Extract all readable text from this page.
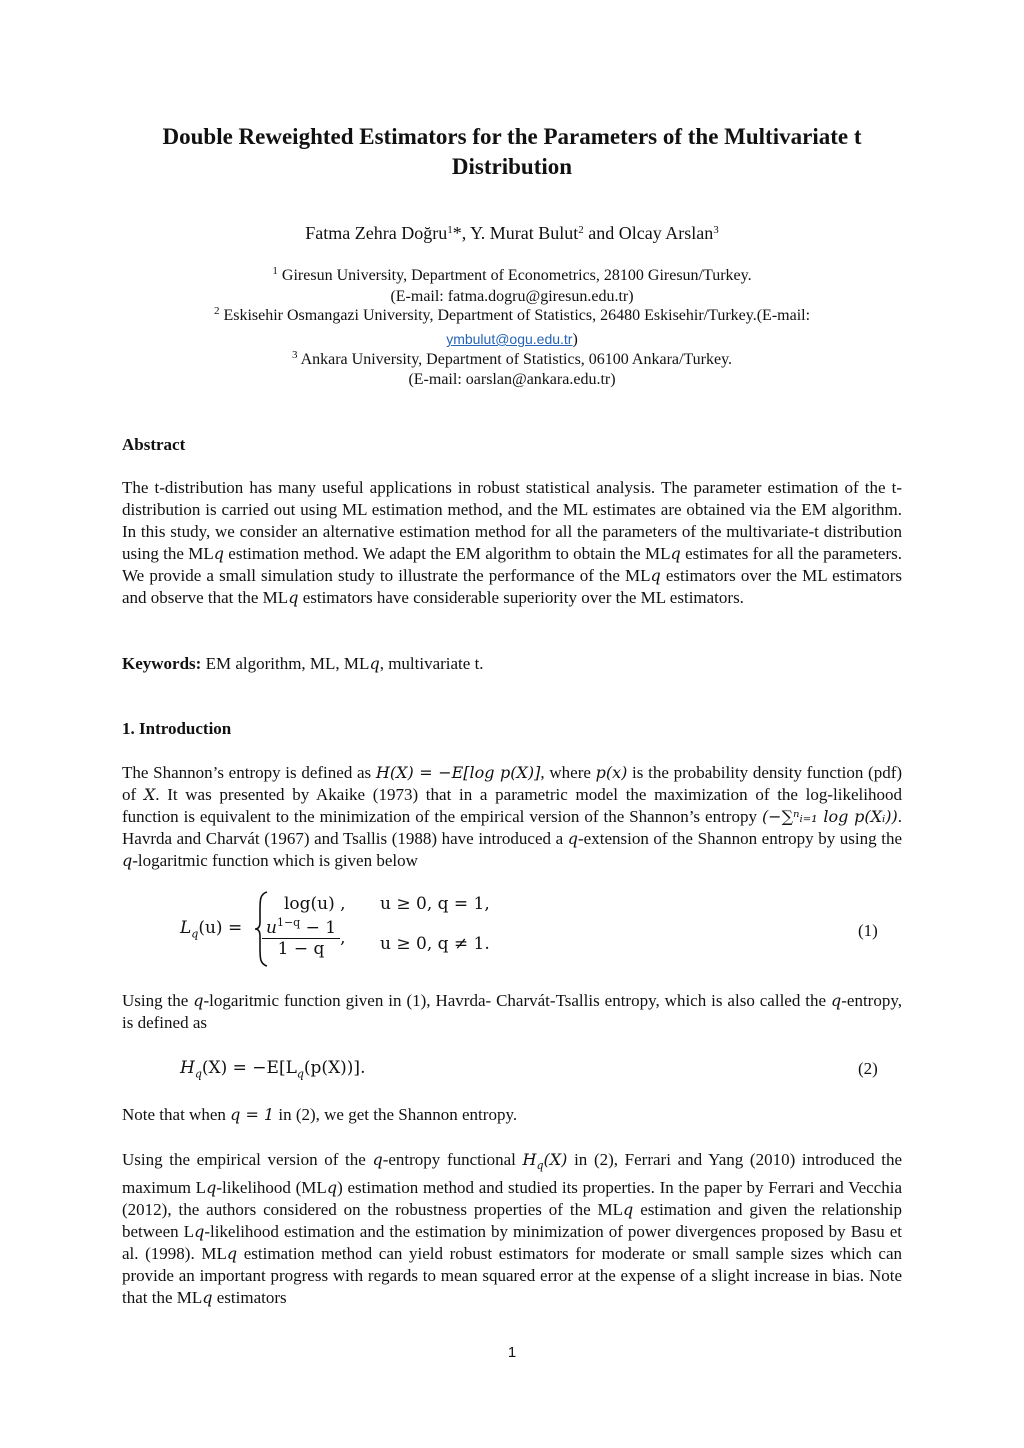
Double Reweighted Estimators for the Parameters of the Multivariate t
Distribution
Fatma Zehra Doğru$^1$*, Y. Murat Bulut$^2$ and Olcay Arslan$^3$
$^1$ Giresun University, Department of Econometrics, 28100 Giresun/Turkey.
(E-mail: fatma.dogru@giresun.edu.tr)
$^2$ Eskisehir Osmangazi University, Department of Statistics, 26480 Eskisehir/Turkey.(E-mail:
ymbulut@ogu.edu.tr)
$^3$ Ankara University, Department of Statistics, 06100 Ankara/Turkey.
(E-mail: oarslan@ankara.edu.tr)
Abstract

The t-distribution has many useful applications in robust statistical analysis. The parameter estimation of the t-distribution is carried out using ML estimation method, and the ML estimates are obtained via the EM algorithm. In this study, we consider an alternative estimation method for all the parameters of the multivariate-t distribution using the MLq estimation method. We adapt the EM algorithm to obtain the MLq estimates for all the parameters. We provide a small simulation study to illustrate the performance of the MLq estimators over the ML estimators and observe that the MLq estimators have considerable superiority over the ML estimators.

Keywords: EM algorithm, ML, MLq, multivariate t.

1. Introduction

The Shannon’s entropy is defined as H(X) = −E[log p(X)], where p(x) is the probability density function (pdf) of X. It was presented by Akaike (1973) that in a parametric model the maximization of the log-likelihood function is equivalent to the minimization of the empirical version of the Shannon’s entropy (−∑ⁿᵢ₌₁ log p(Xᵢ)). Havrda and Charvát (1967) and Tsallis (1988) have introduced a q-extension of the Shannon entropy by using the q-logaritmic function which is given below

$L_q(u)$ =
log(u) , u ≥ 0, q = 1,
$\frac{u^{1-q} - 1}{1 - q}$ , u ≥ 0, q ≠ 1.
(1)

Using the q-logaritmic function given in (1), Havrda- Charvát-Tsallis entropy, which is also called the q-entropy, is defined as

$H_q(X) = -E[L_q(p(X))]$.	(2)

Note that when q = 1 in (2), we get the Shannon entropy.

Using the empirical version of the q-entropy functional $H_q(X)$ in (2), Ferrari and Yang (2010) introduced the maximum Lq-likelihood (MLq) estimation method and studied its properties. In the paper by Ferrari and Vecchia (2012), the authors considered on the robustness properties of the MLq estimation and given the relationship between Lq-likelihood estimation and the estimation by minimization of power divergences proposed by Basu et al. (1998). MLq estimation method can yield robust estimators for moderate or small sample sizes which can provide an important progress with regards to mean squared error at the expense of a slight increase in bias. Note that the MLq estimators

1
